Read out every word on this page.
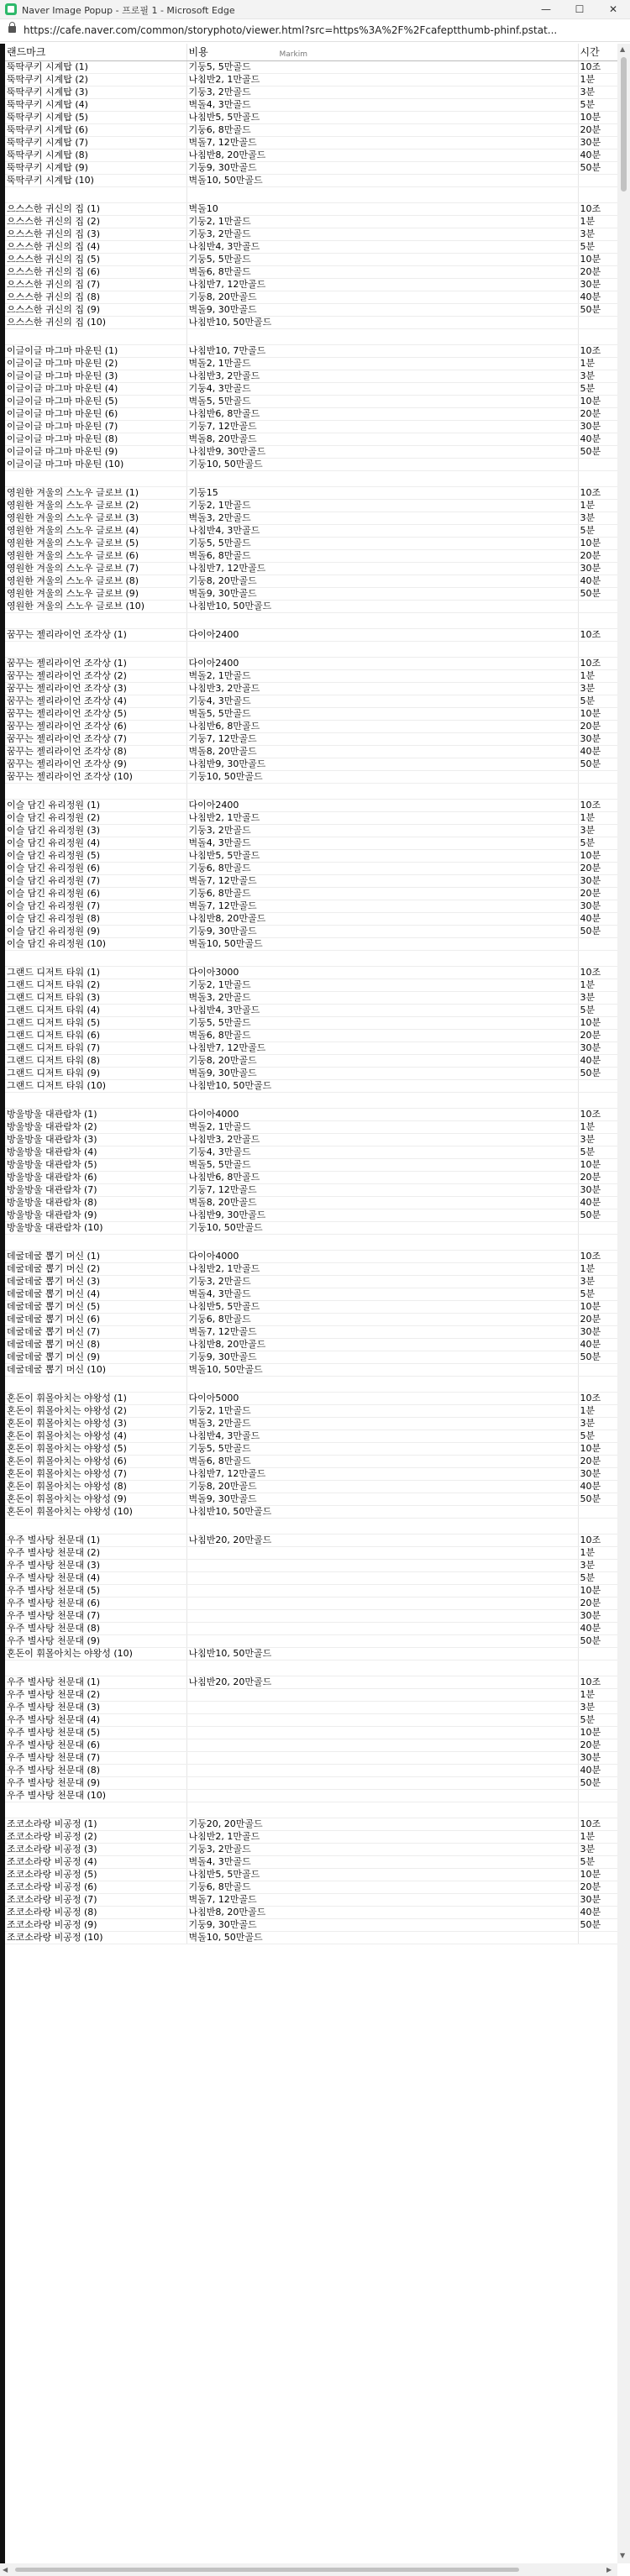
Naver Image Popup - 프로필 1 - Microsoft Edge	—	☐	✕
https://cafe.naver.com/common/storyphoto/viewer.html?src=https%3A%2F%2Fcafeptthumb-phinf.pstat...
랜드마크	비용 Markim	시간
뚝딱쿠키 시계탑 (1)	기둥5, 5만골드	10조
뚝딱쿠키 시계탑 (2)	나침반2, 1만골드	1분
뚝딱쿠키 시계탑 (3)	기둥3, 2만골드	3분
뚝딱쿠키 시계탑 (4)	벽돌4, 3만골드	5분
뚝딱쿠키 시계탑 (5)	나침반5, 5만골드	10분
뚝딱쿠키 시계탑 (6)	기둥6, 8만골드	20분
뚝딱쿠키 시계탑 (7)	벽돌7, 12만골드	30분
뚝딱쿠키 시계탑 (8)	나침반8, 20만골드	40분
뚝딱쿠키 시계탑 (9)	기둥9, 30만골드	50분
뚝딱쿠키 시계탑 (10)	벽돌10, 50만골드	

으스스한 귀신의 집 (1)	벽돌10	10조
으스스한 귀신의 집 (2)	기둥2, 1만골드	1분
으스스한 귀신의 집 (3)	기둥3, 2만골드	3분
으스스한 귀신의 집 (4)	나침반4, 3만골드	5분
으스스한 귀신의 집 (5)	기둥5, 5만골드	10분
으스스한 귀신의 집 (6)	벽돌6, 8만골드	20분
으스스한 귀신의 집 (7)	나침반7, 12만골드	30분
으스스한 귀신의 집 (8)	기둥8, 20만골드	40분
으스스한 귀신의 집 (9)	벽돌9, 30만골드	50분
으스스한 귀신의 집 (10)	나침반10, 50만골드	

이글이글 마그마 마운틴 (1)	나침반10, 7만골드	10조
이글이글 마그마 마운틴 (2)	벽돌2, 1만골드	1분
이글이글 마그마 마운틴 (3)	나침반3, 2만골드	3분
이글이글 마그마 마운틴 (4)	기둥4, 3만골드	5분
이글이글 마그마 마운틴 (5)	벽돌5, 5만골드	10분
이글이글 마그마 마운틴 (6)	나침반6, 8만골드	20분
이글이글 마그마 마운틴 (7)	기둥7, 12만골드	30분
이글이글 마그마 마운틴 (8)	벽돌8, 20만골드	40분
이글이글 마그마 마운틴 (9)	나침반9, 30만골드	50분
이글이글 마그마 마운틴 (10)	기둥10, 50만골드	

영원한 겨울의 스노우 글로브 (1)	기둥15	10조
영원한 겨울의 스노우 글로브 (2)	기둥2, 1만골드	1분
영원한 겨울의 스노우 글로브 (3)	벽돌3, 2만골드	3분
영원한 겨울의 스노우 글로브 (4)	나침반4, 3만골드	5분
영원한 겨울의 스노우 글로브 (5)	기둥5, 5만골드	10분
영원한 겨울의 스노우 글로브 (6)	벽돌6, 8만골드	20분
영원한 겨울의 스노우 글로브 (7)	나침반7, 12만골드	30분
영원한 겨울의 스노우 글로브 (8)	기둥8, 20만골드	40분
영원한 겨울의 스노우 글로브 (9)	벽돌9, 30만골드	50분
영원한 겨울의 스노우 글로브 (10)	나침반10, 50만골드	

꿈꾸는 젤리라이언 조각상 (1)	다이아2400	10조

꿈꾸는 젤리라이언 조각상 (1)	다이아2400	10조
꿈꾸는 젤리라이언 조각상 (2)	벽돌2, 1만골드	1분
꿈꾸는 젤리라이언 조각상 (3)	나침반3, 2만골드	3분
꿈꾸는 젤리라이언 조각상 (4)	기둥4, 3만골드	5분
꿈꾸는 젤리라이언 조각상 (5)	벽돌5, 5만골드	10분
꿈꾸는 젤리라이언 조각상 (6)	나침반6, 8만골드	20분
꿈꾸는 젤리라이언 조각상 (7)	기둥7, 12만골드	30분
꿈꾸는 젤리라이언 조각상 (8)	벽돌8, 20만골드	40분
꿈꾸는 젤리라이언 조각상 (9)	나침반9, 30만골드	50분
꿈꾸는 젤리라이언 조각상 (10)	기둥10, 50만골드	

이슬 담긴 유리정원 (1)	다이아2400	10조
이슬 담긴 유리정원 (2)	나침반2, 1만골드	1분
이슬 담긴 유리정원 (3)	기둥3, 2만골드	3분
이슬 담긴 유리정원 (4)	벽돌4, 3만골드	5분
이슬 담긴 유리정원 (5)	나침반5, 5만골드	10분
이슬 담긴 유리정원 (6)	기둥6, 8만골드	20분
이슬 담긴 유리정원 (7)	벽돌7, 12만골드	30분
이슬 담긴 유리정원 (6)	기둥6, 8만골드	20분
이슬 담긴 유리정원 (7)	벽돌7, 12만골드	30분
이슬 담긴 유리정원 (8)	나침반8, 20만골드	40분
이슬 담긴 유리정원 (9)	기둥9, 30만골드	50분
이슬 담긴 유리정원 (10)	벽돌10, 50만골드	

그랜드 디저트 타워 (1)	다이아3000	10조
그랜드 디저트 타워 (2)	기둥2, 1만골드	1분
그랜드 디저트 타워 (3)	벽돌3, 2만골드	3분
그랜드 디저트 타워 (4)	나침반4, 3만골드	5분
그랜드 디저트 타워 (5)	기둥5, 5만골드	10분
그랜드 디저트 타워 (6)	벽돌6, 8만골드	20분
그랜드 디저트 타워 (7)	나침반7, 12만골드	30분
그랜드 디저트 타워 (8)	기둥8, 20만골드	40분
그랜드 디저트 타워 (9)	벽돌9, 30만골드	50분
그랜드 디저트 타워 (10)	나침반10, 50만골드	

방울방울 대관람차 (1)	다이아4000	10조
방울방울 대관람차 (2)	벽돌2, 1만골드	1분
방울방울 대관람차 (3)	나침반3, 2만골드	3분
방울방울 대관람차 (4)	기둥4, 3만골드	5분
방울방울 대관람차 (5)	벽돌5, 5만골드	10분
방울방울 대관람차 (6)	나침반6, 8만골드	20분
방울방울 대관람차 (7)	기둥7, 12만골드	30분
방울방울 대관람차 (8)	벽돌8, 20만골드	40분
방울방울 대관람차 (9)	나침반9, 30만골드	50분
방울방울 대관람차 (10)	기둥10, 50만골드	

데굴데굴 뽑기 머신 (1)	다이아4000	10조
데굴데굴 뽑기 머신 (2)	나침반2, 1만골드	1분
데굴데굴 뽑기 머신 (3)	기둥3, 2만골드	3분
데굴데굴 뽑기 머신 (4)	벽돌4, 3만골드	5분
데굴데굴 뽑기 머신 (5)	나침반5, 5만골드	10분
데굴데굴 뽑기 머신 (6)	기둥6, 8만골드	20분
데굴데굴 뽑기 머신 (7)	벽돌7, 12만골드	30분
데굴데굴 뽑기 머신 (8)	나침반8, 20만골드	40분
데굴데굴 뽑기 머신 (9)	기둥9, 30만골드	50분
데굴데굴 뽑기 머신 (10)	벽돌10, 50만골드	

혼돈이 휘몰아치는 야왕성 (1)	다이아5000	10조
혼돈이 휘몰아치는 야왕성 (2)	기둥2, 1만골드	1분
혼돈이 휘몰아치는 야왕성 (3)	벽돌3, 2만골드	3분
혼돈이 휘몰아치는 야왕성 (4)	나침반4, 3만골드	5분
혼돈이 휘몰아치는 야왕성 (5)	기둥5, 5만골드	10분
혼돈이 휘몰아치는 야왕성 (6)	벽돌6, 8만골드	20분
혼돈이 휘몰아치는 야왕성 (7)	나침반7, 12만골드	30분
혼돈이 휘몰아치는 야왕성 (8)	기둥8, 20만골드	40분
혼돈이 휘몰아치는 야왕성 (9)	벽돌9, 30만골드	50분
혼돈이 휘몰아치는 야왕성 (10)	나침반10, 50만골드	

우주 별사탕 천문대 (1)	나침반20, 20만골드	10조
우주 별사탕 천문대 (2)		1분
우주 별사탕 천문대 (3)		3분
우주 별사탕 천문대 (4)		5분
우주 별사탕 천문대 (5)		10분
우주 별사탕 천문대 (6)		20분
우주 별사탕 천문대 (7)		30분
우주 별사탕 천문대 (8)		40분
우주 별사탕 천문대 (9)		50분
혼돈이 휘몰아치는 야왕성 (10)	나침반10, 50만골드	

우주 별사탕 천문대 (1)	나침반20, 20만골드	10조
우주 별사탕 천문대 (2)		1분
우주 별사탕 천문대 (3)		3분
우주 별사탕 천문대 (4)		5분
우주 별사탕 천문대 (5)		10분
우주 별사탕 천문대 (6)		20분
우주 별사탕 천문대 (7)		30분
우주 별사탕 천문대 (8)		40분
우주 별사탕 천문대 (9)		50분
우주 별사탕 천문대 (10)		

조코소라랑 비공정 (1)	기둥20, 20만골드	10조
조코소라랑 비공정 (2)	나침반2, 1만골드	1분
조코소라랑 비공정 (3)	기둥3, 2만골드	3분
조코소라랑 비공정 (4)	벽돌4, 3만골드	5분
조코소라랑 비공정 (5)	나침반5, 5만골드	10분
조코소라랑 비공정 (6)	기둥6, 8만골드	20분
조코소라랑 비공정 (7)	벽돌7, 12만골드	30분
조코소라랑 비공정 (8)	나침반8, 20만골드	40분
조코소라랑 비공정 (9)	기둥9, 30만골드	50분
조코소라랑 비공정 (10)	벽돌10, 50만골드	
▲
▼
◀	▶
